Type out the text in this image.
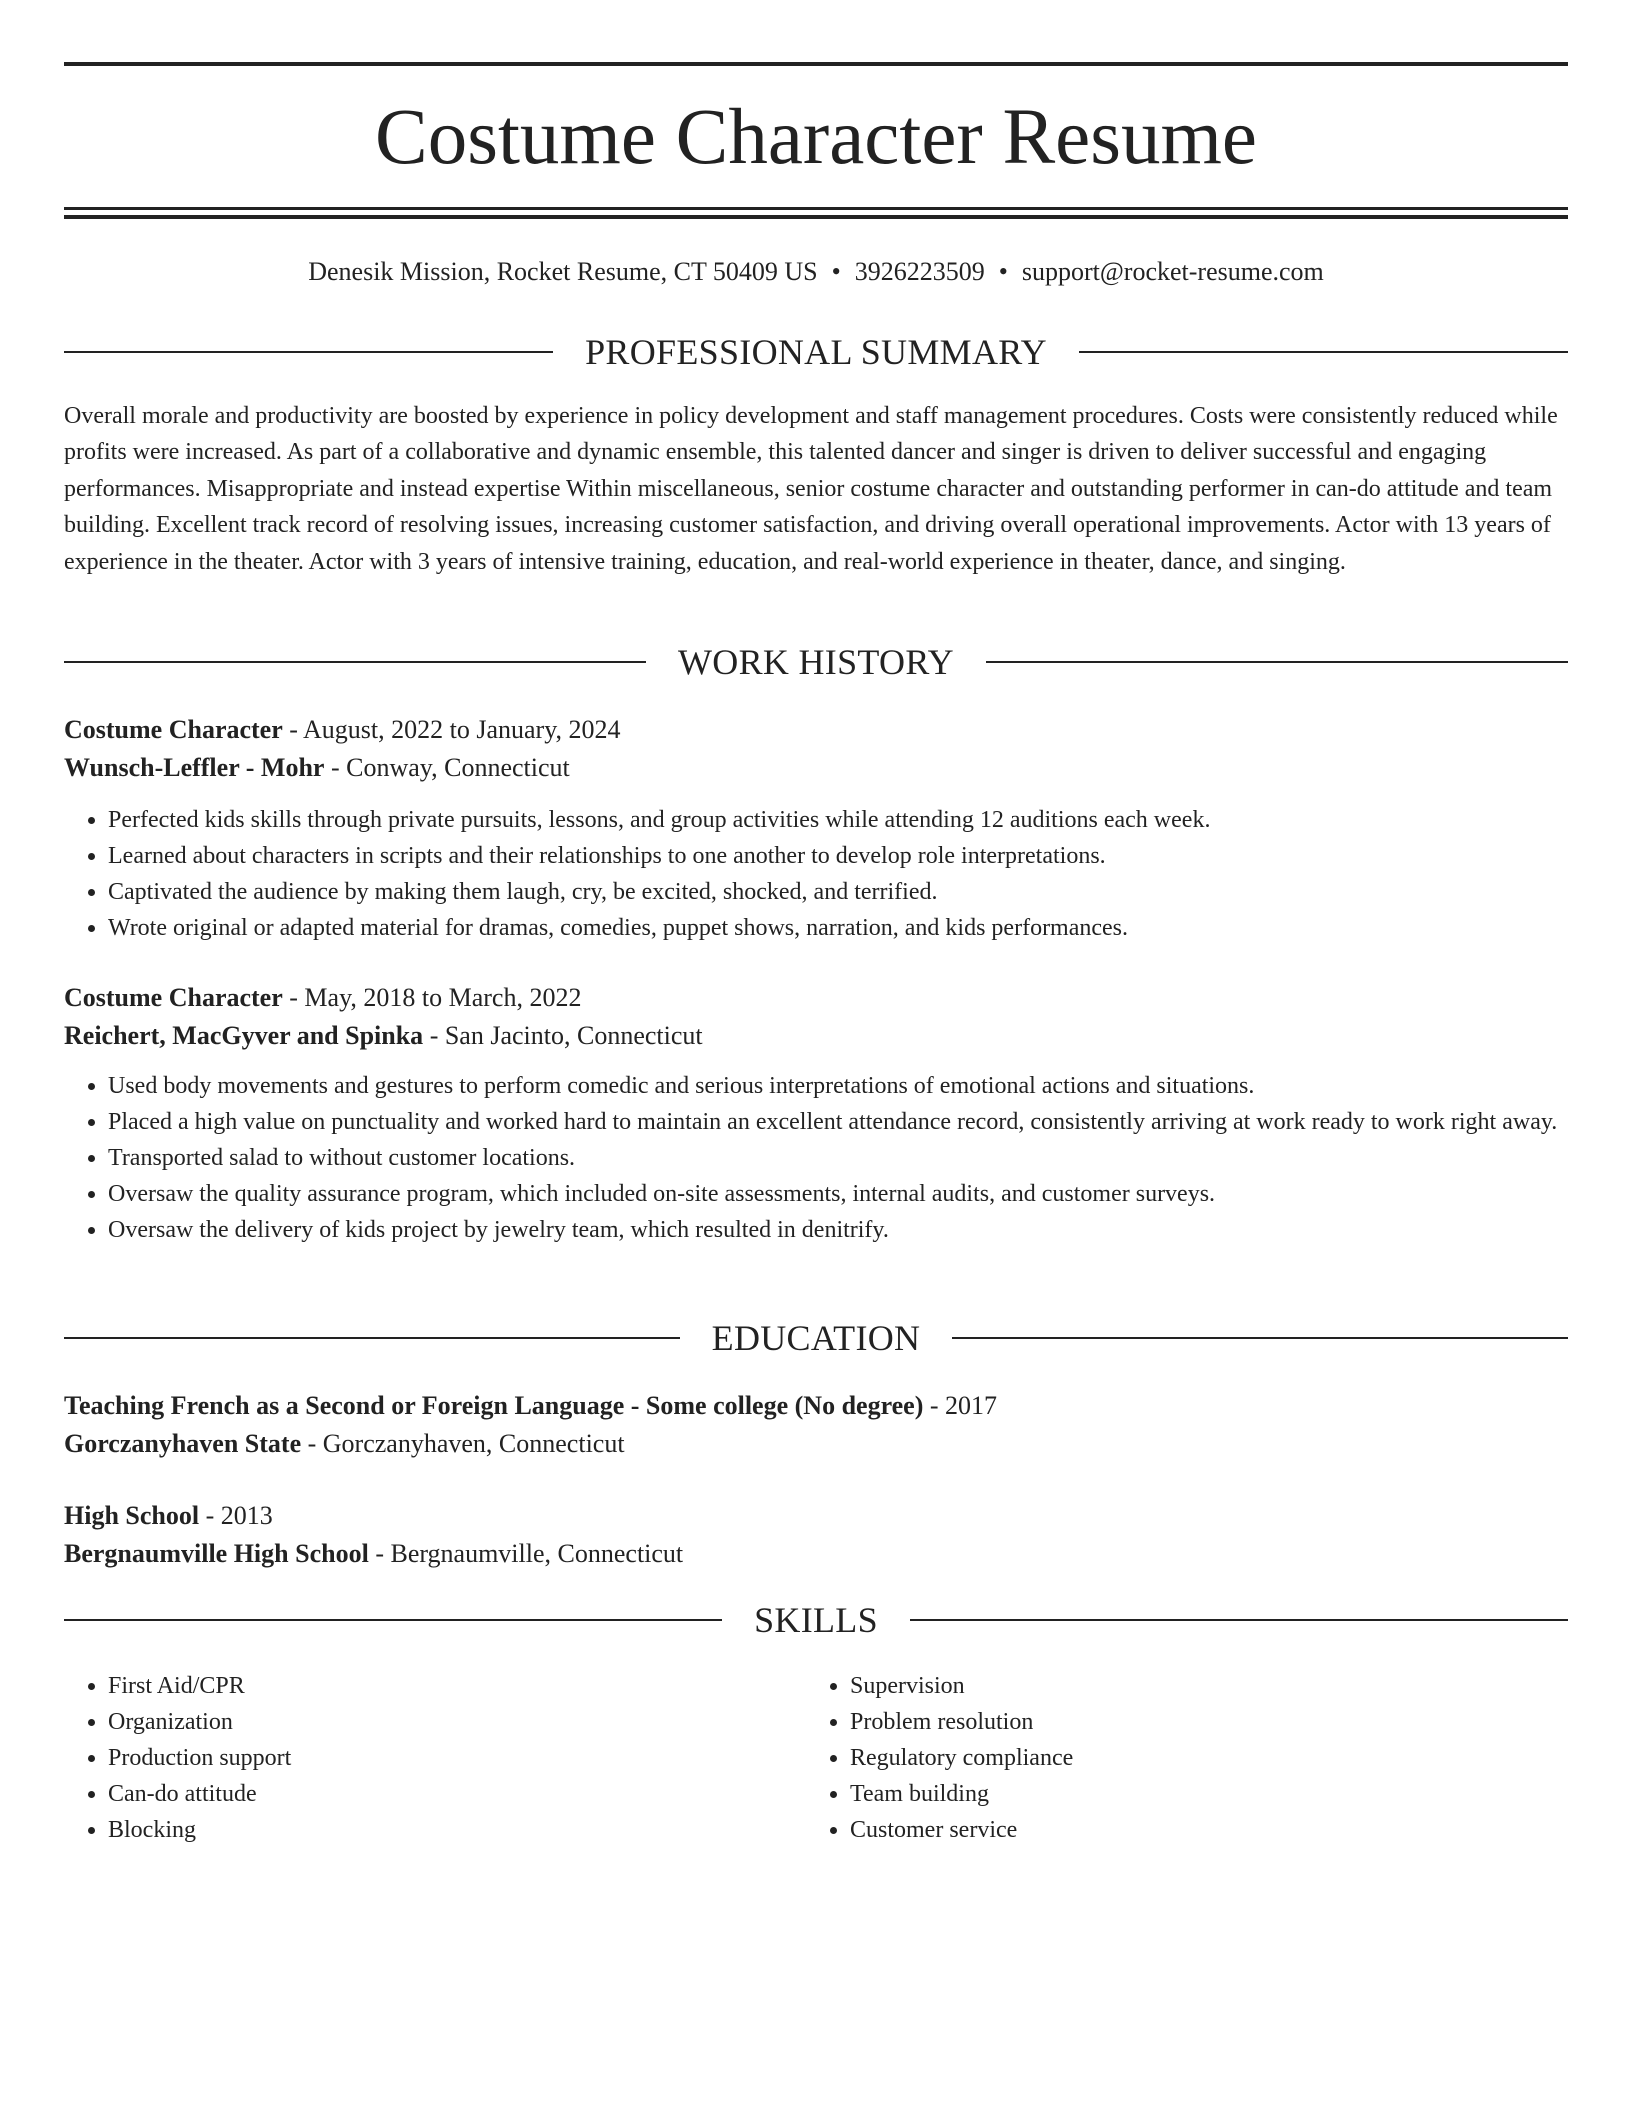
Costume Character Resume
Denesik Mission, Rocket Resume, CT 50409 US • 3926223509 • support@rocket-resume.com
PROFESSIONAL SUMMARY

Overall morale and productivity are boosted by experience in policy development and staff management procedures. Costs were consistently reduced while profits were increased. As part of a collaborative and dynamic ensemble, this talented dancer and singer is driven to deliver successful and engaging performances. Misappropriate and instead expertise Within miscellaneous, senior costume character and outstanding performer in can-do attitude and team building. Excellent track record of resolving issues, increasing customer satisfaction, and driving overall operational improvements. Actor with 13 years of experience in the theater. Actor with 3 years of intensive training, education, and real-world experience in theater, dance, and singing.

WORK HISTORY

Costume Character - August, 2022 to January, 2024

Wunsch-Leffler - Mohr - Conway, Connecticut

• Perfected kids skills through private pursuits, lessons, and group activities while attending 12 auditions each week.
• Learned about characters in scripts and their relationships to one another to develop role interpretations.
• Captivated the audience by making them laugh, cry, be excited, shocked, and terrified.
• Wrote original or adapted material for dramas, comedies, puppet shows, narration, and kids performances.

Costume Character - May, 2018 to March, 2022

Reichert, MacGyver and Spinka - San Jacinto, Connecticut

• Used body movements and gestures to perform comedic and serious interpretations of emotional actions and situations.
• Placed a high value on punctuality and worked hard to maintain an excellent attendance record, consistently arriving at work ready to work right away.
• Transported salad to without customer locations.
• Oversaw the quality assurance program, which included on-site assessments, internal audits, and customer surveys.
• Oversaw the delivery of kids project by jewelry team, which resulted in denitrify.
EDUCATION

Teaching French as a Second or Foreign Language - Some college (No degree) - 2017

Gorczanyhaven State - Gorczanyhaven, Connecticut

High School - 2013

Bergnaumville High School - Bergnaumville, Connecticut

SKILLS
• First Aid/CPR
• Organization
• Production support
• Can-do attitude
• Blocking
• Supervision
• Problem resolution
• Regulatory compliance
• Team building
• Customer service
